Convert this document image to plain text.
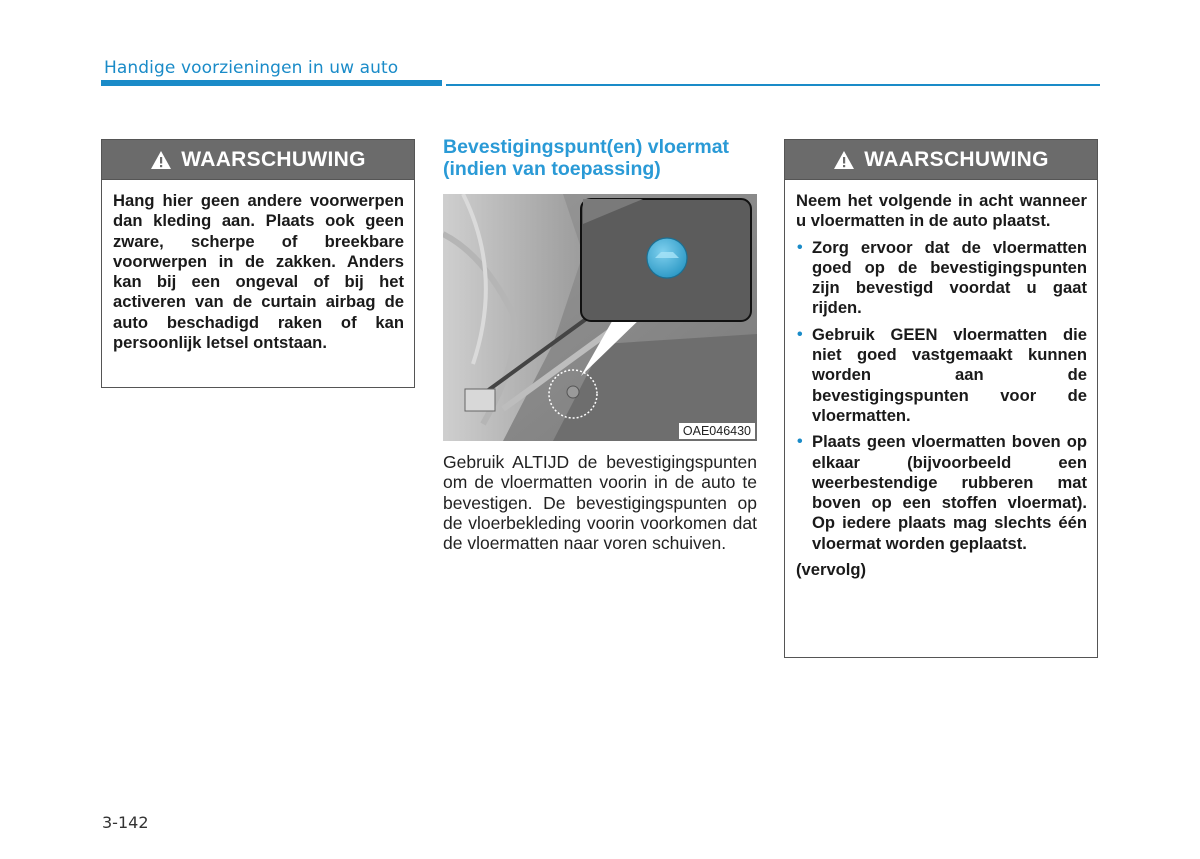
Handige voorzieningen in uw auto
WAARSCHUWING

Hang hier geen andere voorwerpen dan kleding aan. Plaats ook geen zware, scherpe of breekbare voorwerpen in de zakken. Anders kan bij een ongeval of bij het activeren van de curtain airbag de auto beschadigd raken of kan persoonlijk letsel ontstaan.

Bevestigingspunt(en) vloermat (indien van toepassing)
OAE046430
Gebruik ALTIJD de bevestigingspunten om de vloermatten voorin in de auto te bevestigen. De bevestigingspunten op de vloerbekleding voorin voorkomen dat de vloermatten naar voren schuiven.
WAARSCHUWING

Neem het volgende in acht wanneer u vloermatten in de auto plaatst.

• Zorg ervoor dat de vloermatten goed op de bevestigingspunten zijn bevestigd voordat u gaat rijden.
• Gebruik GEEN vloermatten die niet goed vastgemaakt kunnen worden aan de bevestigingspunten voor de vloermatten.
• Plaats geen vloermatten boven op elkaar (bijvoorbeeld een weerbestendige rubberen mat boven op een stoffen vloermat). Op iedere plaats mag slechts één vloermat worden geplaatst.

(vervolg)

3-142
